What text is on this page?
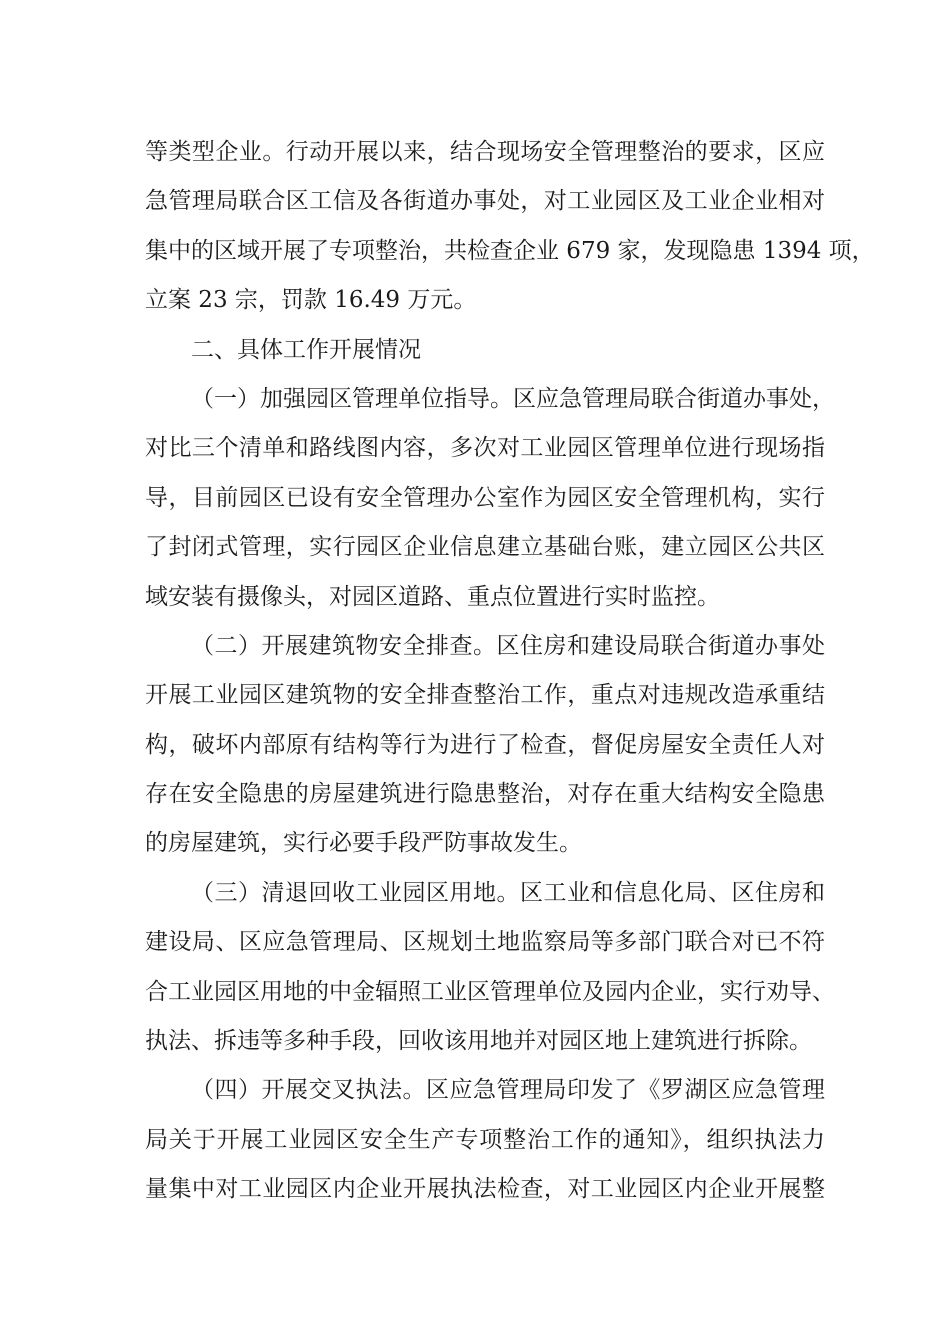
等类型企业。行动开展以来，结合现场安全管理整治的要求，区应
急管理局联合区工信及各街道办事处，对工业园区及工业企业相对
集中的区域开展了专项整治，共检查企业 679 家，发现隐患 1394 项，
立案 23 宗，罚款 16.49 万元。
二、具体工作开展情况
（一）加强园区管理单位指导。区应急管理局联合街道办事处，
对比三个清单和路线图内容，多次对工业园区管理单位进行现场指
导，目前园区已设有安全管理办公室作为园区安全管理机构，实行
了封闭式管理，实行园区企业信息建立基础台账，建立园区公共区
域安装有摄像头，对园区道路、重点位置进行实时监控。
（二）开展建筑物安全排查。区住房和建设局联合街道办事处
开展工业园区建筑物的安全排查整治工作，重点对违规改造承重结
构，破坏内部原有结构等行为进行了检查，督促房屋安全责任人对
存在安全隐患的房屋建筑进行隐患整治，对存在重大结构安全隐患
的房屋建筑，实行必要手段严防事故发生。
（三）清退回收工业园区用地。区工业和信息化局、区住房和
建设局、区应急管理局、区规划土地监察局等多部门联合对已不符
合工业园区用地的中金辐照工业区管理单位及园内企业，实行劝导、
执法、拆违等多种手段，回收该用地并对园区地上建筑进行拆除。
（四）开展交叉执法。区应急管理局印发了《罗湖区应急管理
局关于开展工业园区安全生产专项整治工作的通知》，组织执法力
量集中对工业园区内企业开展执法检查，对工业园区内企业开展整
